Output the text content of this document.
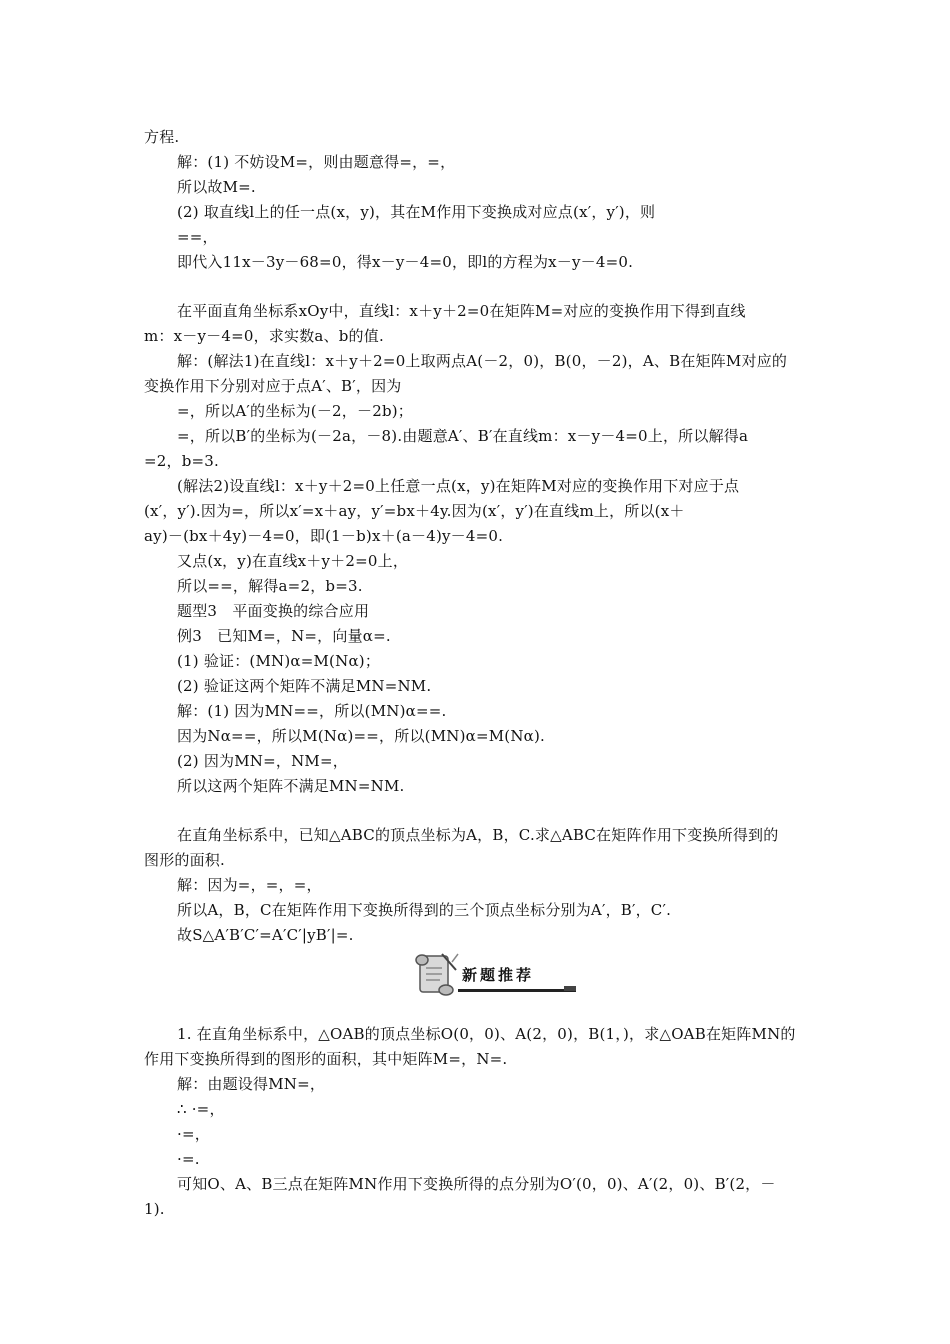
方程.
解：(1) 不妨设M=，则由题意得=，=，
所以故M=.
(2) 取直线l上的任一点(x，y)，其在M作用下变换成对应点(x′，y′)，则
==，
即代入11x－3y－68=0，得x－y－4=0，即l的方程为x－y－4=0.
在平面直角坐标系xOy中，直线l：x＋y＋2=0在矩阵M=对应的变换作用下得到直线
m：x－y－4=0，求实数a、b的值.
解：(解法1)在直线l：x＋y＋2=0上取两点A(－2，0)，B(0，－2)，A、B在矩阵M对应的
变换作用下分别对应于点A′、B′，因为
=，所以A′的坐标为(－2，－2b)；
=，所以B′的坐标为(－2a，－8).由题意A′、B′在直线m：x－y－4=0上，所以解得a
=2，b=3.
(解法2)设直线l：x＋y＋2=0上任意一点(x，y)在矩阵M对应的变换作用下对应于点
(x′，y′).因为=，所以x′=x＋ay，y′=bx＋4y.因为(x′，y′)在直线m上，所以(x＋
ay)－(bx＋4y)－4=0，即(1－b)x＋(a－4)y－4=0.
又点(x，y)在直线x＋y＋2=0上，
所以==，解得a=2，b=3.
题型3　平面变换的综合应用
例3　已知M=，N=，向量α=.
(1) 验证：(MN)α=M(Nα)；
(2) 验证这两个矩阵不满足MN=NM.
解：(1) 因为MN==，所以(MN)α==.
因为Nα==，所以M(Nα)==，所以(MN)α=M(Nα).
(2) 因为MN=，NM=，
所以这两个矩阵不满足MN=NM.
在直角坐标系中，已知△ABC的顶点坐标为A，B，C.求△ABC在矩阵作用下变换所得到的
图形的面积.
解：因为=，=，=，
所以A，B，C在矩阵作用下变换所得到的三个顶点坐标分别为A′，B′，C′.
故S△A′B′C′=A′C′|yB′|=.
新题推荐
1. 在直角坐标系中，△OAB的顶点坐标O(0，0)、A(2，0)，B(1，)，求△OAB在矩阵MN的
作用下变换所得到的图形的面积，其中矩阵M=，N=.
解：由题设得MN=，
∴ ·=，
·=，
·=.
可知O、A、B三点在矩阵MN作用下变换所得的点分别为O′(0，0)、A′(2，0)、B′(2，－
1).
